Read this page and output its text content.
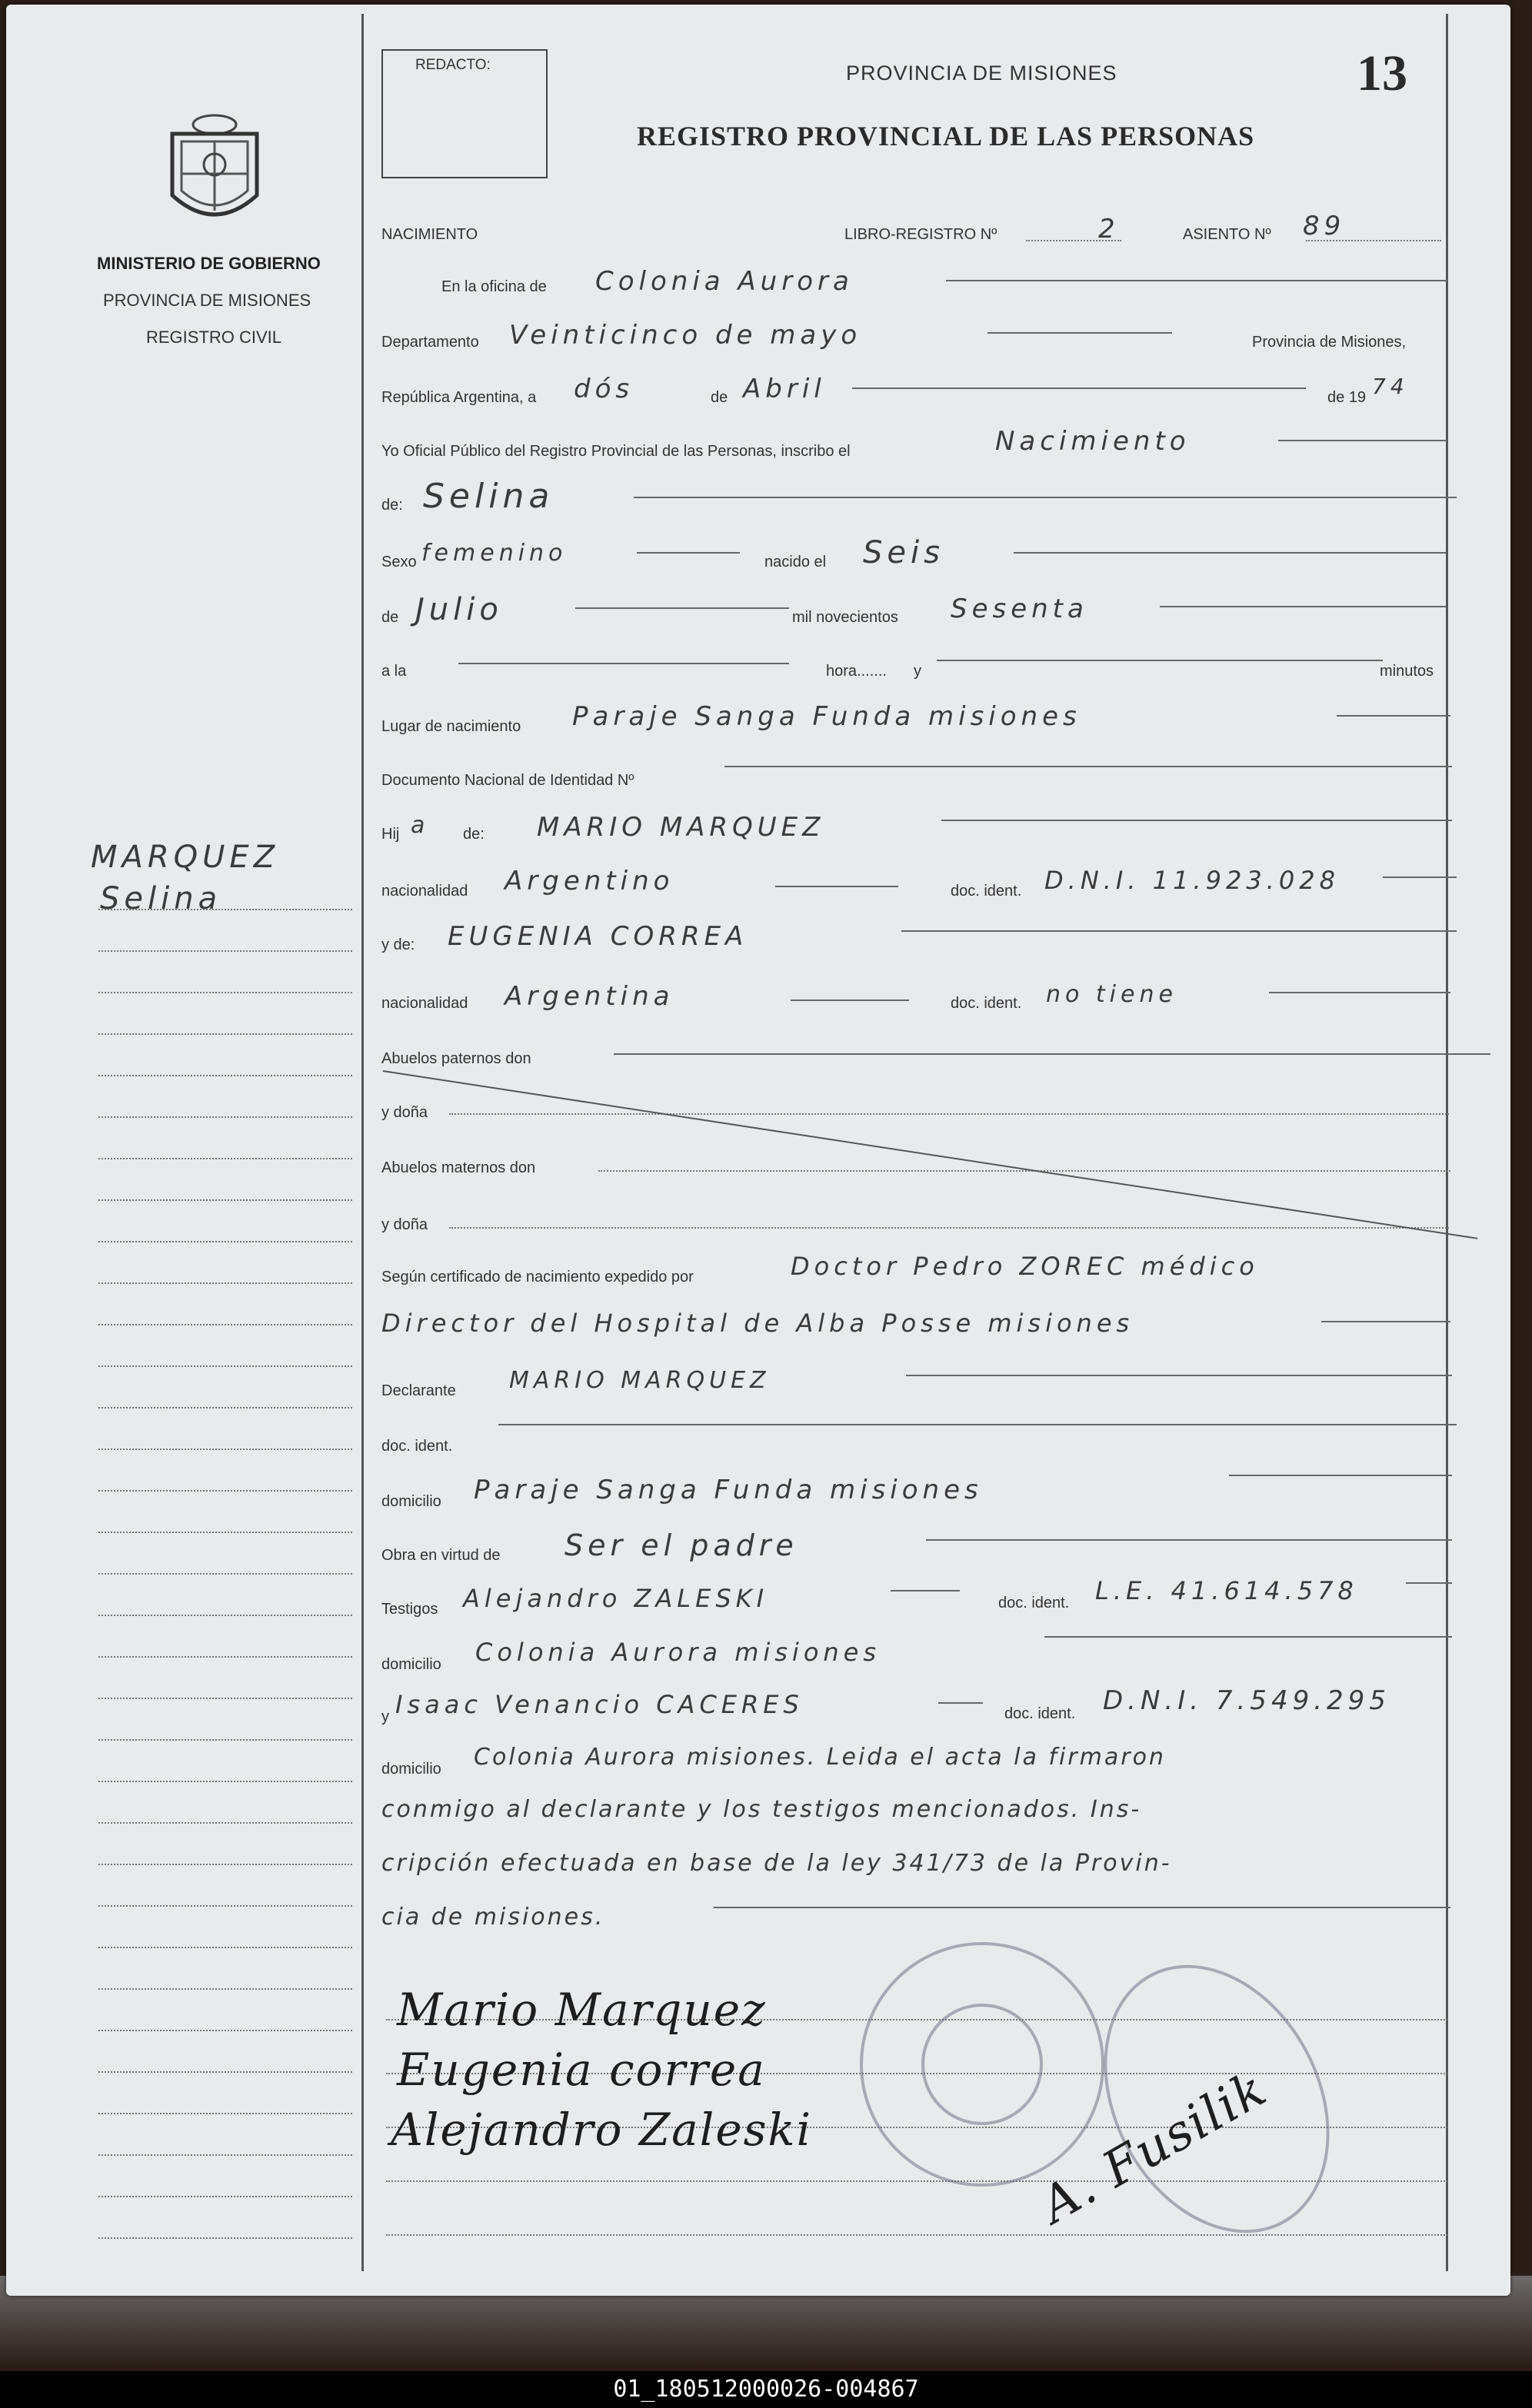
MINISTERIO DE GOBIERNO
PROVINCIA DE MISIONES
REGISTRO CIVIL
MARQUEZ
Selina
REDACTO:	PROVINCIA DE MISIONES
REGISTRO PROVINCIAL DE LAS PERSONAS
13
NACIMIENTO	LIBRO-REGISTRO Nº	2	ASIENTO Nº 89
En la oficina de Colonia Aurora
Departamento Veinticinco de mayo	Provincia de Misiones,
República Argentina, a dós	de Abril	de 19 74
Yo Oficial Público del Registro Provincial de las Personas, inscribo el	Nacimiento
de: Selina
Sexo femenino	nacido el Seis
de Julio	mil novecientos Sesenta
a la	hora....... y	minutos
Lugar de nacimiento Paraje Sanga Funda misiones
Documento Nacional de Identidad Nº
Hij a de: MARIO MARQUEZ
nacionalidad Argentino	doc. ident. D.N.I. 11.923.028
y de: EUGENIA CORREA
nacionalidad Argentina	doc. ident. no tiene
Abuelos paternos don
y doña
Abuelos maternos don
y doña
Según certificado de nacimiento expedido por	Doctor Pedro ZOREC médico
Director del Hospital de Alba Posse misiones
Declarante MARIO MARQUEZ
doc. ident.
domicilio Paraje Sanga Funda misiones
Obra en virtud de Ser el padre
Testigos Alejandro ZALESKI	doc. ident. L.E. 41.614.578
domicilio Colonia Aurora misiones
y Isaac Venancio CACERES	doc. ident. D.N.I. 7.549.295
domicilio Colonia Aurora misiones. Leida el acta la firmaron
conmigo al declarante y los testigos mencionados. Ins-
cripción efectuada en base de la ley 341/73 de la Provin-
cia de misiones.
Mario Marquez
Eugenia correa
Alejandro Zaleski	A. Fusilik
01_180512000026-004867
